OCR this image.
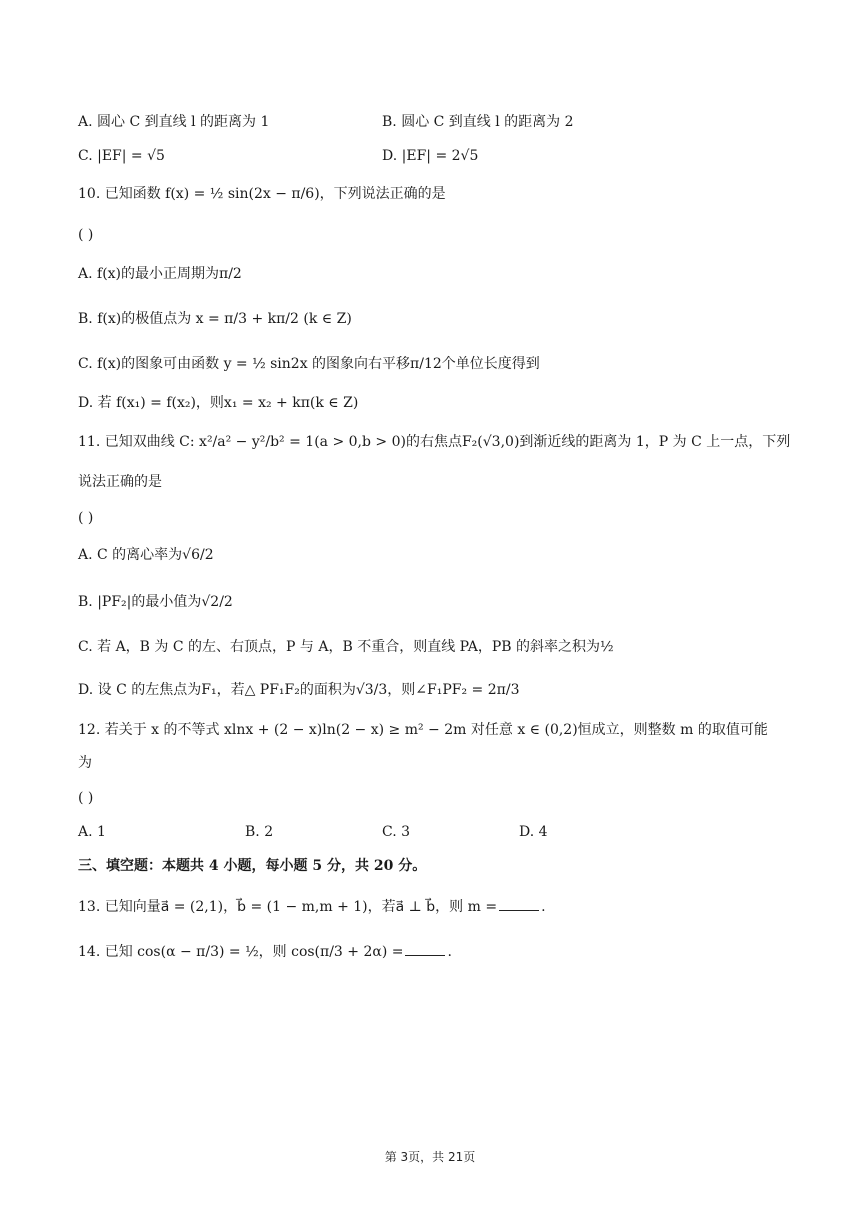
A. 圆心 C 到直线 l 的距离为 1	B. 圆心 C 到直线 l 的距离为 2
C. |EF| = √5	D. |EF| = 2√5
10. 已知函数 f(x) = ½ sin(2x − π/6)，下列说法正确的是
( )
A. f(x)的最小正周期为π/2
B. f(x)的极值点为 x = π/3 + kπ/2 (k ∈ Z)
C. f(x)的图象可由函数 y = ½ sin2x 的图象向右平移π/12个单位长度得到
D. 若 f(x₁) = f(x₂)，则x₁ = x₂ + kπ(k ∈ Z)
11. 已知双曲线 C: x²/a² − y²/b² = 1(a > 0,b > 0)的右焦点F₂(√3,0)到渐近线的距离为 1，P 为 C 上一点，下列
说法正确的是
( )
A. C 的离心率为√6/2
B. |PF₂|的最小值为√2/2
C. 若 A，B 为 C 的左、右顶点，P 与 A，B 不重合，则直线 PA，PB 的斜率之积为½
D. 设 C 的左焦点为F₁，若△ PF₁F₂的面积为√3/3，则∠F₁PF₂ = 2π/3
12. 若关于 x 的不等式 xlnx + (2 − x)ln(2 − x) ≥ m² − 2m 对任意 x ∈ (0,2)恒成立，则整数 m 的取值可能
为
( )
A. 1	B. 2	C. 3	D. 4
三、填空题：本题共 4 小题，每小题 5 分，共 20 分。
13. 已知向量a⃗ = (2,1)，b⃗ = (1 − m,m + 1)，若a⃗ ⊥ b⃗，则 m =	.
14. 已知 cos(α − π/3) = ½，则 cos(π/3 + 2α) =	.
第 3页，共 21页
